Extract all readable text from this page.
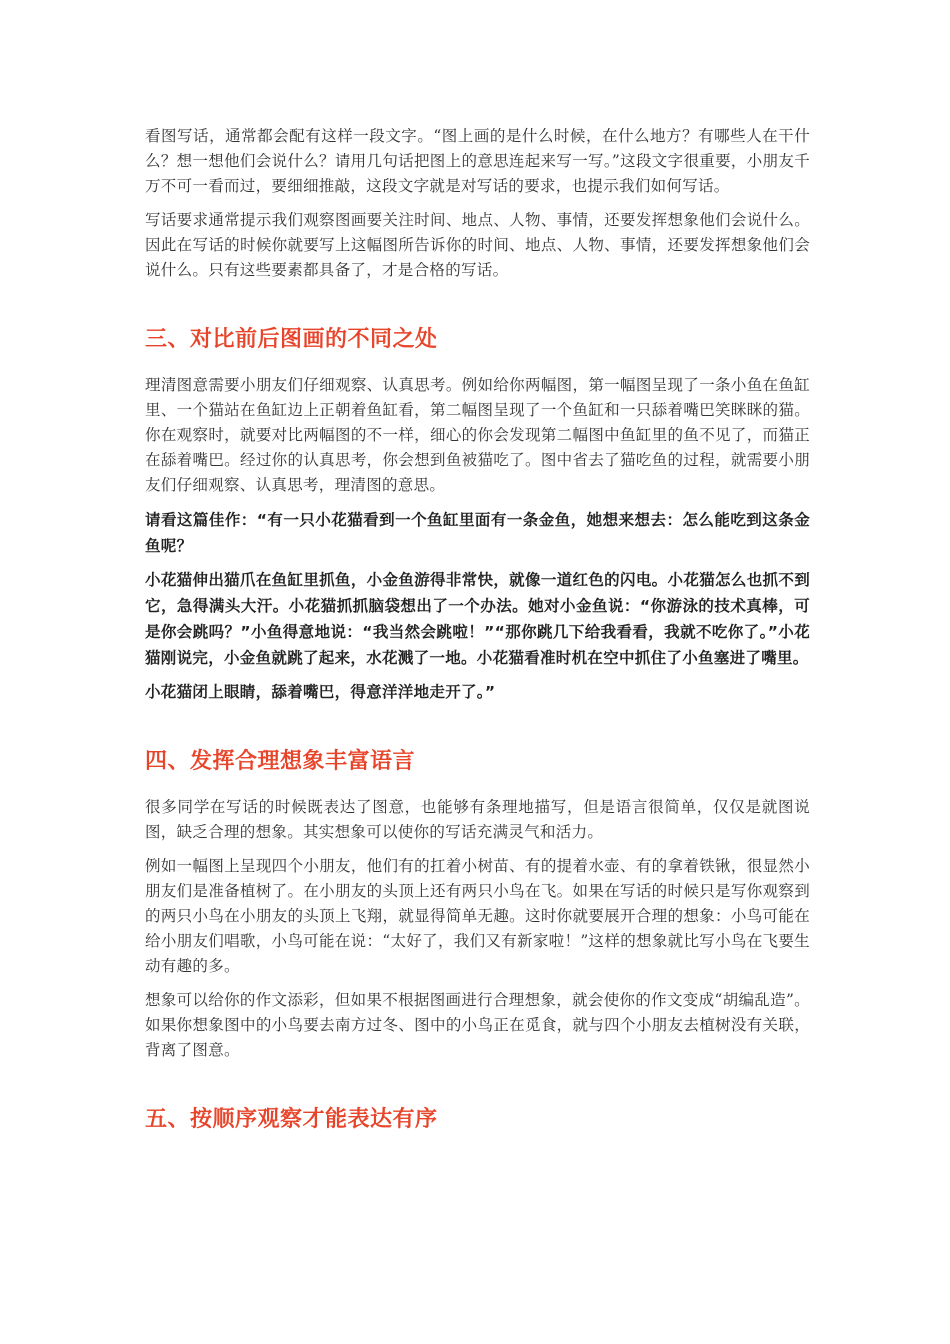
看图写话，通常都会配有这样一段文字。“图上画的是什么时候，在什么地方？有哪些人在干什么？想一想他们会说什么？请用几句话把图上的意思连起来写一写。”这段文字很重要，小朋友千万不可一看而过，要细细推敲，这段文字就是对写话的要求，也提示我们如何写话。

写话要求通常提示我们观察图画要关注时间、地点、人物、事情，还要发挥想象他们会说什么。因此在写话的时候你就要写上这幅图所告诉你的时间、地点、人物、事情，还要发挥想象他们会说什么。只有这些要素都具备了，才是合格的写话。

三、对比前后图画的不同之处

理清图意需要小朋友们仔细观察、认真思考。例如给你两幅图，第一幅图呈现了一条小鱼在鱼缸里、一个猫站在鱼缸边上正朝着鱼缸看，第二幅图呈现了一个鱼缸和一只舔着嘴巴笑眯眯的猫。你在观察时，就要对比两幅图的不一样，细心的你会发现第二幅图中鱼缸里的鱼不见了，而猫正在舔着嘴巴。经过你的认真思考，你会想到鱼被猫吃了。图中省去了猫吃鱼的过程，就需要小朋友们仔细观察、认真思考，理清图的意思。

请看这篇佳作：“有一只小花猫看到一个鱼缸里面有一条金鱼，她想来想去：怎么能吃到这条金鱼呢？

小花猫伸出猫爪在鱼缸里抓鱼，小金鱼游得非常快，就像一道红色的闪电。小花猫怎么也抓不到它，急得满头大汗。小花猫抓抓脑袋想出了一个办法。她对小金鱼说：“你游泳的技术真棒，可是你会跳吗？”小鱼得意地说：“我当然会跳啦！”“那你跳几下给我看看，我就不吃你了。”小花猫刚说完，小金鱼就跳了起来，水花溅了一地。小花猫看准时机在空中抓住了小鱼塞进了嘴里。

小花猫闭上眼睛，舔着嘴巴，得意洋洋地走开了。”

四、发挥合理想象丰富语言

很多同学在写话的时候既表达了图意，也能够有条理地描写，但是语言很简单，仅仅是就图说图，缺乏合理的想象。其实想象可以使你的写话充满灵气和活力。

例如一幅图上呈现四个小朋友，他们有的扛着小树苗、有的提着水壶、有的拿着铁锹，很显然小朋友们是准备植树了。在小朋友的头顶上还有两只小鸟在飞。如果在写话的时候只是写你观察到的两只小鸟在小朋友的头顶上飞翔，就显得简单无趣。这时你就要展开合理的想象：小鸟可能在给小朋友们唱歌，小鸟可能在说：“太好了，我们又有新家啦！”这样的想象就比写小鸟在飞要生动有趣的多。

想象可以给你的作文添彩，但如果不根据图画进行合理想象，就会使你的作文变成“胡编乱造”。如果你想象图中的小鸟要去南方过冬、图中的小鸟正在觅食，就与四个小朋友去植树没有关联，背离了图意。

五、按顺序观察才能表达有序
